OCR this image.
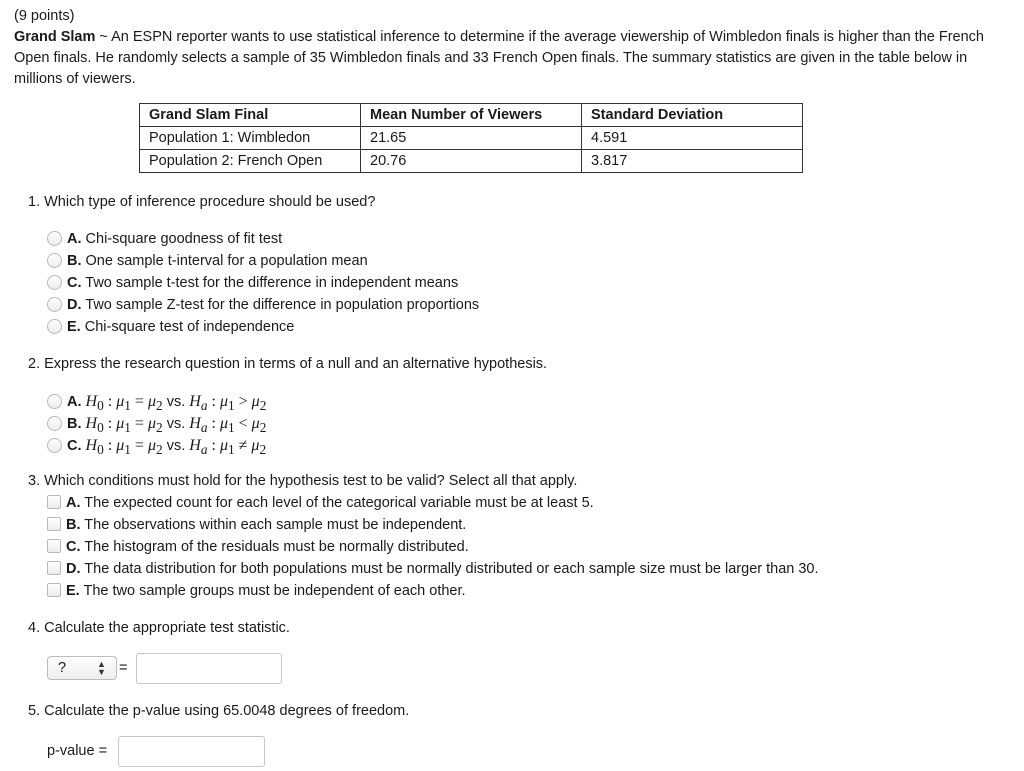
(9 points)

Grand Slam ~ An ESPN reporter wants to use statistical inference to determine if the average viewership of Wimbledon finals is higher than the French Open finals. He randomly selects a sample of 35 Wimbledon finals and 33 French Open finals. The summary statistics are given in the table below in millions of viewers.

Grand Slam Final	Mean Number of Viewers	Standard Deviation
Population 1: Wimbledon	21.65	4.591
Population 2: French Open	20.76	3.817
1. Which type of inference procedure should be used?
A. Chi-square goodness of fit test
B. One sample t-interval for a population mean
C. Two sample t-test for the difference in independent means
D. Two sample Z-test for the difference in population proportions
E. Chi-square test of independence
2. Express the research question in terms of a null and an alternative hypothesis.
A. $H_0$ : $\mu_1 = \mu_2$ vs. $H_a$ : $\mu_1 > \mu_2$
B. $H_0$ : $\mu_1 = \mu_2$ vs. $H_a$ : $\mu_1 < \mu_2$
C. $H_0$ : $\mu_1 = \mu_2$ vs. $H_a$ : $\mu_1 \ne \mu_2$
3. Which conditions must hold for the hypothesis test to be valid? Select all that apply.
A. The expected count for each level of the categorical variable must be at least 5.
B. The observations within each sample must be independent.
C. The histogram of the residuals must be normally distributed.
D. The data distribution for both populations must be normally distributed or each sample size must be larger than 30.
E. The two sample groups must be independent of each other.
4. Calculate the appropriate test statistic.
?	▲
▼ =
5. Calculate the p-value using 65.0048 degrees of freedom.
p-value =
